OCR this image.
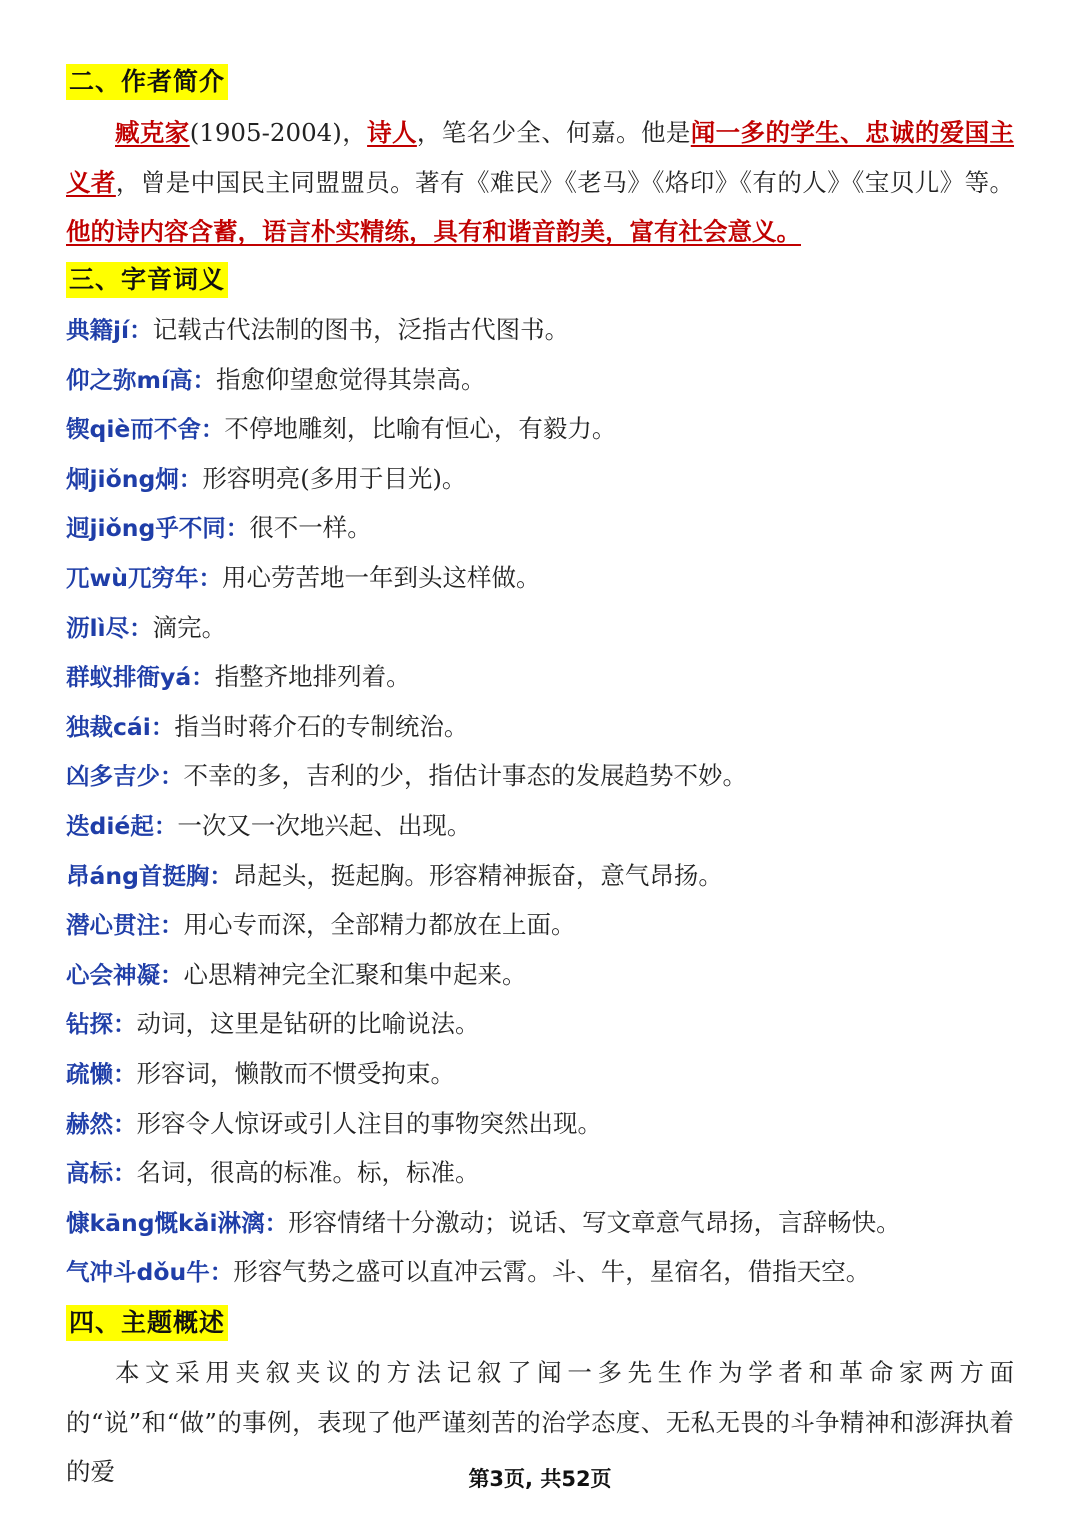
二、作者简介

臧克家(1905-2004)，诗人，笔名少全、何嘉。他是闻一多的学生、忠诚的爱国主义者，曾是中国民主同盟盟员。著有《难民》《老马》《烙印》《有的人》《宝贝儿》等。他的诗内容含蓄，语言朴实精练，具有和谐音韵美，富有社会意义。

三、字音词义
典籍jí：记载古代法制的图书，泛指古代图书。
仰之弥mí高：指愈仰望愈觉得其崇高。
锲qiè而不舍：不停地雕刻，比喻有恒心，有毅力。
炯jiǒng炯：形容明亮(多用于目光)。
迥jiǒng乎不同：很不一样。
兀wù兀穷年：用心劳苦地一年到头这样做。
沥lì尽：滴完。
群蚁排衙yá：指整齐地排列着。
独裁cái：指当时蒋介石的专制统治。
凶多吉少：不幸的多，吉利的少，指估计事态的发展趋势不妙。
迭dié起：一次又一次地兴起、出现。
昂áng首挺胸：昂起头，挺起胸。形容精神振奋，意气昂扬。
潜心贯注：用心专而深，全部精力都放在上面。
心会神凝：心思精神完全汇聚和集中起来。
钻探：动词，这里是钻研的比喻说法。
疏懒：形容词，懒散而不惯受拘束。
赫然：形容令人惊讶或引人注目的事物突然出现。
高标：名词，很高的标准。标，标准。
慷kāng慨kǎi淋漓：形容情绪十分激动；说话、写文章意气昂扬，言辞畅快。
气冲斗dǒu牛：形容气势之盛可以直冲云霄。斗、牛，星宿名，借指天空。
四、主题概述

本文采用夹叙夹议的方法记叙了闻一多先生作为学者和革命家两方面的“说”和“做”的事例，表现了他严谨刻苦的治学态度、无私无畏的斗争精神和澎湃执着的爱	第3页, 共52页
